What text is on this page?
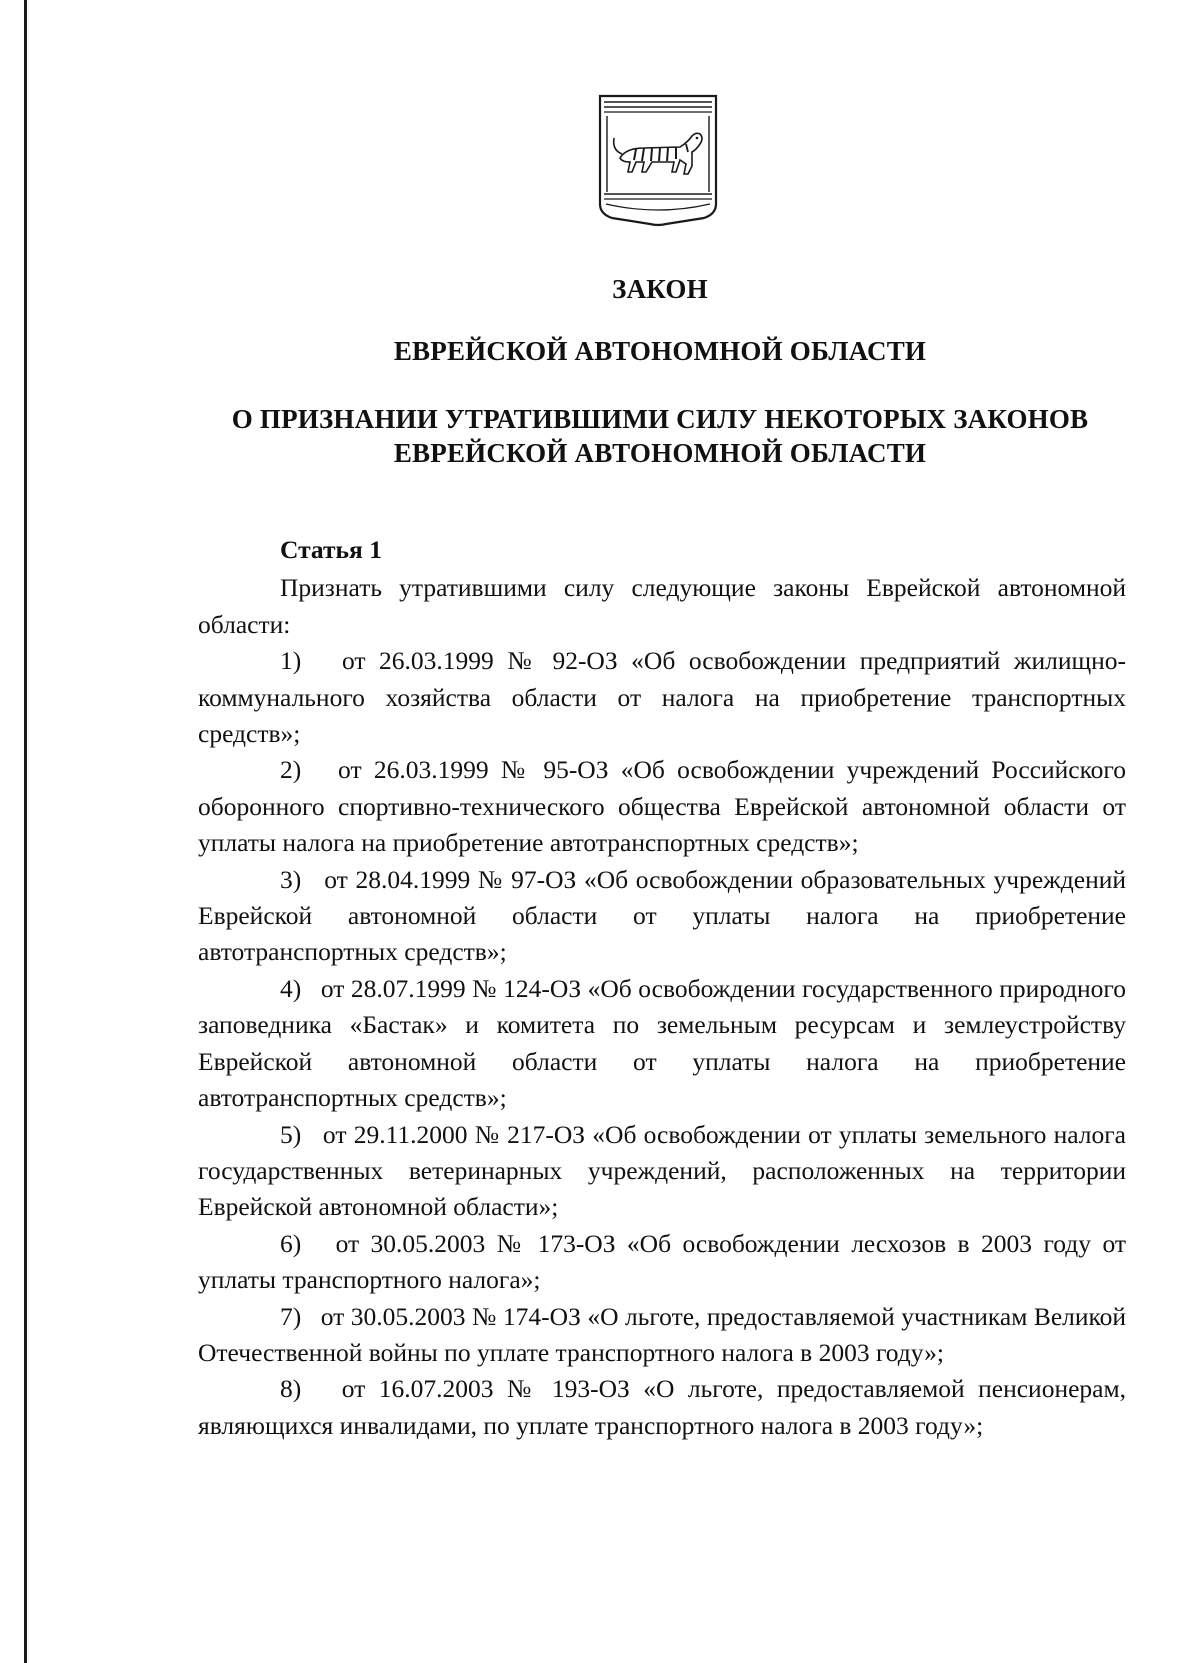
ЗАКОН
ЕВРЕЙСКОЙ АВТОНОМНОЙ ОБЛАСТИ
О ПРИЗНАНИИ УТРАТИВШИМИ СИЛУ НЕКОТОРЫХ ЗАКОНОВ
ЕВРЕЙСКОЙ АВТОНОМНОЙ ОБЛАСТИ
Статья 1

Признать утратившими силу следующие законы Еврейской автономной области:

1) от 26.03.1999 № 92-ОЗ «Об освобождении предприятий жилищно-коммунального хозяйства области от налога на приобретение транспортных средств»;

2) от 26.03.1999 № 95-ОЗ «Об освобождении учреждений Российского оборонного спортивно-технического общества Еврейской автономной области от уплаты налога на приобретение автотранспортных средств»;

3) от 28.04.1999 № 97-ОЗ «Об освобождении образовательных учреждений Еврейской автономной области от уплаты налога на приобретение автотранспортных средств»;

4) от 28.07.1999 № 124-ОЗ «Об освобождении государственного природного заповедника «Бастак» и комитета по земельным ресурсам и землеустройству Еврейской автономной области от уплаты налога на приобретение автотранспортных средств»;

5) от 29.11.2000 № 217-ОЗ «Об освобождении от уплаты земельного налога государственных ветеринарных учреждений, расположенных на территории Еврейской автономной области»;

6) от 30.05.2003 № 173-ОЗ «Об освобождении лесхозов в 2003 году от уплаты транспортного налога»;

7) от 30.05.2003 № 174-ОЗ «О льготе, предоставляемой участникам Великой Отечественной войны по уплате транспортного налога в 2003 году»;

8) от 16.07.2003 № 193-ОЗ «О льготе, предоставляемой пенсионерам, являющихся инвалидами, по уплате транспортного налога в 2003 году»;
